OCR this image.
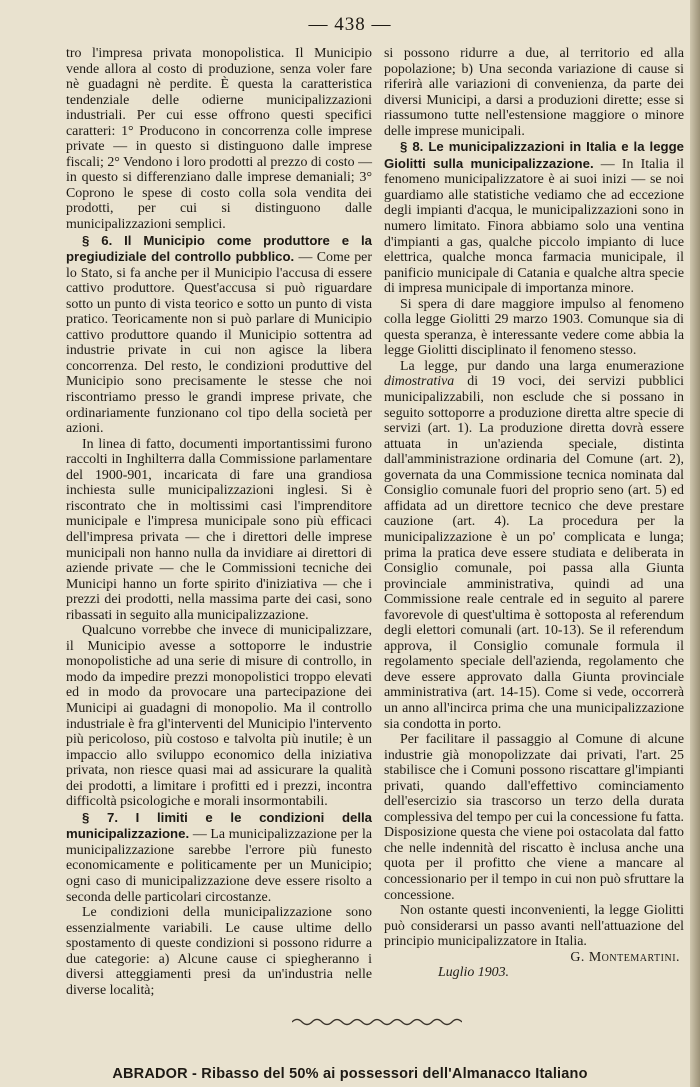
— 438 —

tro l'impresa privata monopolistica. Il Municipio vende allora al costo di produzione, senza voler fare nè guadagni nè perdite. È questa la caratteristica tendenziale delle odierne municipalizzazioni industriali. Per cui esse offrono questi specifici caratteri: 1° Producono in concorrenza colle imprese private — in questo si distinguono dalle imprese fiscali; 2° Vendono i loro prodotti al prezzo di costo — in questo si differenziano dalle imprese demaniali; 3° Coprono le spese di costo colla sola vendita dei prodotti, per cui si distinguono dalle municipalizzazioni semplici.

§ 6. Il Municipio come produttore e la pregiudiziale del controllo pubblico. — Come per lo Stato, si fa anche per il Municipio l'accusa di essere cattivo produttore. Quest'accusa si può riguardare sotto un punto di vista teorico e sotto un punto di vista pratico. Teoricamente non si può parlare di Municipio cattivo produttore quando il Municipio sottentra ad industrie private in cui non agisce la libera concorrenza. Del resto, le condizioni produttive del Municipio sono precisamente le stesse che noi riscontriamo presso le grandi imprese private, che ordinariamente funzionano col tipo della società per azioni.

In linea di fatto, documenti importantissimi furono raccolti in Inghilterra dalla Commissione parlamentare del 1900-901, incaricata di fare una grandiosa inchiesta sulle municipalizzazioni inglesi. Si è riscontrato che in moltissimi casi l'imprenditore municipale e l'impresa municipale sono più efficaci dell'impresa privata — che i direttori delle imprese municipali non hanno nulla da invidiare ai direttori di aziende private — che le Commissioni tecniche dei Municipi hanno un forte spirito d'iniziativa — che i prezzi dei prodotti, nella massima parte dei casi, sono ribassati in seguito alla municipalizzazione.

Qualcuno vorrebbe che invece di municipalizzare, il Municipio avesse a sottoporre le industrie monopolistiche ad una serie di misure di controllo, in modo da impedire prezzi monopolistici troppo elevati ed in modo da provocare una partecipazione dei Municipi ai guadagni di monopolio. Ma il controllo industriale è fra gl'interventi del Municipio l'intervento più pericoloso, più costoso e talvolta più inutile; è un impaccio allo sviluppo economico della iniziativa privata, non riesce quasi mai ad assicurare la qualità dei prodotti, a limitare i profitti ed i prezzi, incontra difficoltà psicologiche e morali insormontabili.

§ 7. I limiti e le condizioni della municipalizzazione. — La municipalizzazione per la municipalizzazione sarebbe l'errore più funesto economicamente e politicamente per un Municipio; ogni caso di municipalizzazione deve essere risolto a seconda delle particolari circostanze.

Le condizioni della municipalizzazione sono essenzialmente variabili. Le cause ultime dello spostamento di queste condizioni si possono ridurre a due categorie: a) Alcune cause ci spiegheranno i diversi atteggiamenti presi da un'industria nelle diverse località;

si possono ridurre a due, al territorio ed alla popolazione; b) Una seconda variazione di cause si riferirà alle variazioni di convenienza, da parte dei diversi Municipi, a darsi a produzioni dirette; esse si riassumono tutte nell'estensione maggiore o minore delle imprese municipali.

§ 8. Le municipalizzazioni in Italia e la legge Giolitti sulla municipalizzazione. — In Italia il fenomeno municipalizzatore è ai suoi inizi — se noi guardiamo alle statistiche vediamo che ad eccezione degli impianti d'acqua, le municipalizzazioni sono in numero limitato. Finora abbiamo solo una ventina d'impianti a gas, qualche piccolo impianto di luce elettrica, qualche monca farmacia municipale, il panificio municipale di Catania e qualche altra specie di impresa municipale di importanza minore.

Si spera di dare maggiore impulso al fenomeno colla legge Giolitti 29 marzo 1903. Comunque sia di questa speranza, è interessante vedere come abbia la legge Giolitti disciplinato il fenomeno stesso.

La legge, pur dando una larga enumerazione dimostrativa di 19 voci, dei servizi pubblici municipalizzabili, non esclude che si possano in seguito sottoporre a produzione diretta altre specie di servizi (art. 1). La produzione diretta dovrà essere attuata in un'azienda speciale, distinta dall'amministrazione ordinaria del Comune (art. 2), governata da una Commissione tecnica nominata dal Consiglio comunale fuori del proprio seno (art. 5) ed affidata ad un direttore tecnico che deve prestare cauzione (art. 4). La procedura per la municipalizzazione è un po' complicata e lunga; prima la pratica deve essere studiata e deliberata in Consiglio comunale, poi passa alla Giunta provinciale amministrativa, quindi ad una Commissione reale centrale ed in seguito al parere favorevole di quest'ultima è sottoposta al referendum degli elettori comunali (art. 10-13). Se il referendum approva, il Consiglio comunale formula il regolamento speciale dell'azienda, regolamento che deve essere approvato dalla Giunta provinciale amministrativa (art. 14-15). Come si vede, occorrerà un anno all'incirca prima che una municipalizzazione sia condotta in porto.

Per facilitare il passaggio al Comune di alcune industrie già monopolizzate dai privati, l'art. 25 stabilisce che i Comuni possono riscattare gl'impianti privati, quando dall'effettivo cominciamento dell'esercizio sia trascorso un terzo della durata complessiva del tempo per cui la concessione fu fatta. Disposizione questa che viene poi ostacolata dal fatto che nelle indennità del riscatto è inclusa anche una quota per il profitto che viene a mancare al concessionario per il tempo in cui non può sfruttare la concessione.

Non ostante questi inconvenienti, la legge Giolitti può considerarsi un passo avanti nell'attuazione del principio municipalizzatore in Italia.

G. Montemartini.

Luglio 1903.

ABRADOR - Ribasso del 50% ai possessori dell'Almanacco Italiano
